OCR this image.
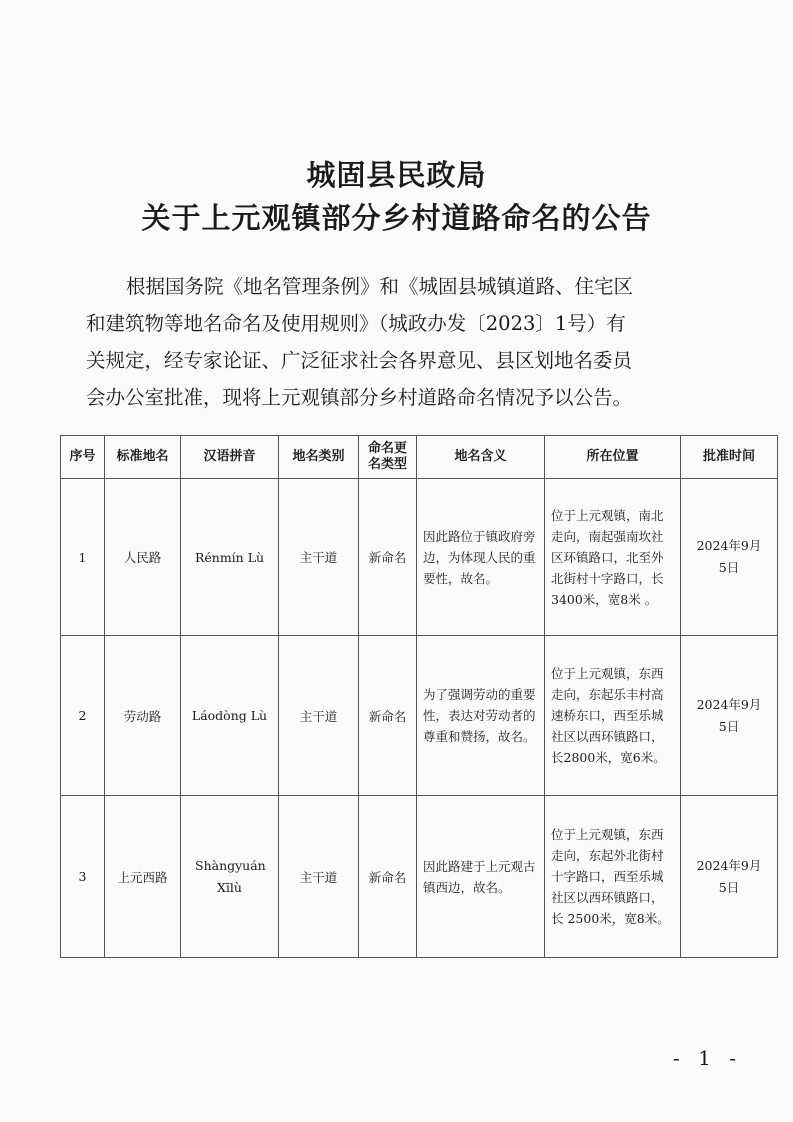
城固县民政局
关于上元观镇部分乡村道路命名的公告
根据国务院《地名管理条例》和《城固县城镇道路、住宅区
和建筑物等地名命名及使用规则》（城政办发〔2023〕1号）有
关规定，经专家论证、广泛征求社会各界意见、县区划地名委员
会办公室批准，现将上元观镇部分乡村道路命名情况予以公告。
序号	标准地名	汉语拼音	地名类别	命名更名类型	地名含义	所在位置	批准时间
1	人民路	Rénmín Lù	主干道	新命名	因此路位于镇政府旁边，为体现人民的重要性，故名。	位于上元观镇，南北走向，南起强南坎社区环镇路口，北至外北街村十字路口，长3400米，宽8米 。	2024年9月5日
2	劳动路	Láodòng Lù	主干道	新命名	为了强调劳动的重要性，表达对劳动者的尊重和赞扬，故名。	位于上元观镇，东西走向，东起乐丰村高速桥东口，西至乐城社区以西环镇路口，长2800米，宽6米。	2024年9月5日
3	上元西路	Shàngyuán Xīlù	主干道	新命名	因此路建于上元观古镇西边，故名。	位于上元观镇，东西走向，东起外北街村十字路口，西至乐城社区以西环镇路口，长 2500米，宽8米。	2024年9月5日
- 1 -
